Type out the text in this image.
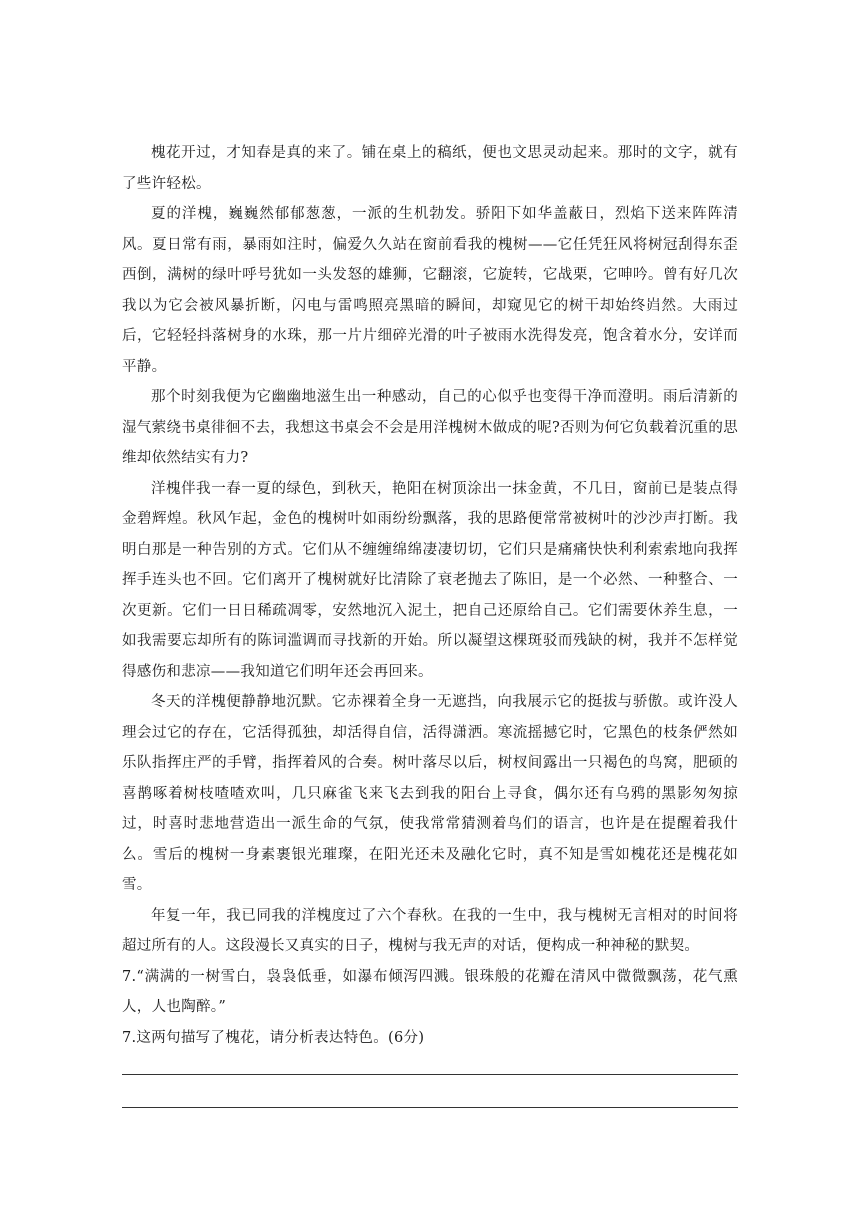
槐花开过，才知春是真的来了。铺在桌上的稿纸，便也文思灵动起来。那时的文字，就有了些许轻松。

夏的洋槐，巍巍然郁郁葱葱，一派的生机勃发。骄阳下如华盖蔽日，烈焰下送来阵阵清风。夏日常有雨，暴雨如注时，偏爱久久站在窗前看我的槐树——它任凭狂风将树冠刮得东歪西倒，满树的绿叶呼号犹如一头发怒的雄狮，它翻滚，它旋转，它战栗，它呻吟。曾有好几次我以为它会被风暴折断，闪电与雷鸣照亮黑暗的瞬间，却窥见它的树干却始终岿然。大雨过后，它轻轻抖落树身的水珠，那一片片细碎光滑的叶子被雨水洗得发亮，饱含着水分，安详而平静。

那个时刻我便为它幽幽地滋生出一种感动，自己的心似乎也变得干净而澄明。雨后清新的湿气萦绕书桌徘徊不去，我想这书桌会不会是用洋槐树木做成的呢?否则为何它负载着沉重的思维却依然结实有力?

洋槐伴我一春一夏的绿色，到秋天，艳阳在树顶涂出一抹金黄，不几日，窗前已是装点得金碧辉煌。秋风乍起，金色的槐树叶如雨纷纷飘落，我的思路便常常被树叶的沙沙声打断。我明白那是一种告别的方式。它们从不缠缠绵绵凄凄切切，它们只是痛痛快快利利索索地向我挥挥手连头也不回。它们离开了槐树就好比清除了衰老抛去了陈旧，是一个必然、一种整合、一次更新。它们一日日稀疏凋零，安然地沉入泥土，把自己还原给自己。它们需要休养生息，一如我需要忘却所有的陈词滥调而寻找新的开始。所以凝望这棵斑驳而残缺的树，我并不怎样觉得感伤和悲凉——我知道它们明年还会再回来。

冬天的洋槐便静静地沉默。它赤裸着全身一无遮挡，向我展示它的挺拔与骄傲。或许没人理会过它的存在，它活得孤独，却活得自信，活得潇洒。寒流摇撼它时，它黑色的枝条俨然如乐队指挥庄严的手臂，指挥着风的合奏。树叶落尽以后，树杈间露出一只褐色的鸟窝，肥硕的喜鹊啄着树枝喳喳欢叫，几只麻雀飞来飞去到我的阳台上寻食，偶尔还有乌鸦的黑影匆匆掠过，时喜时悲地营造出一派生命的气氛，使我常常猜测着鸟们的语言，也许是在提醒着我什么。雪后的槐树一身素裹银光璀璨，在阳光还未及融化它时，真不知是雪如槐花还是槐花如雪。

年复一年，我已同我的洋槐度过了六个春秋。在我的一生中，我与槐树无言相对的时间将超过所有的人。这段漫长又真实的日子，槐树与我无声的对话，便构成一种神秘的默契。

7.“满满的一树雪白，袅袅低垂，如瀑布倾泻四溅。银珠般的花瓣在清风中微微飘荡，花气熏人，人也陶醉。”

7.这两句描写了槐花，请分析表达特色。(6分)
